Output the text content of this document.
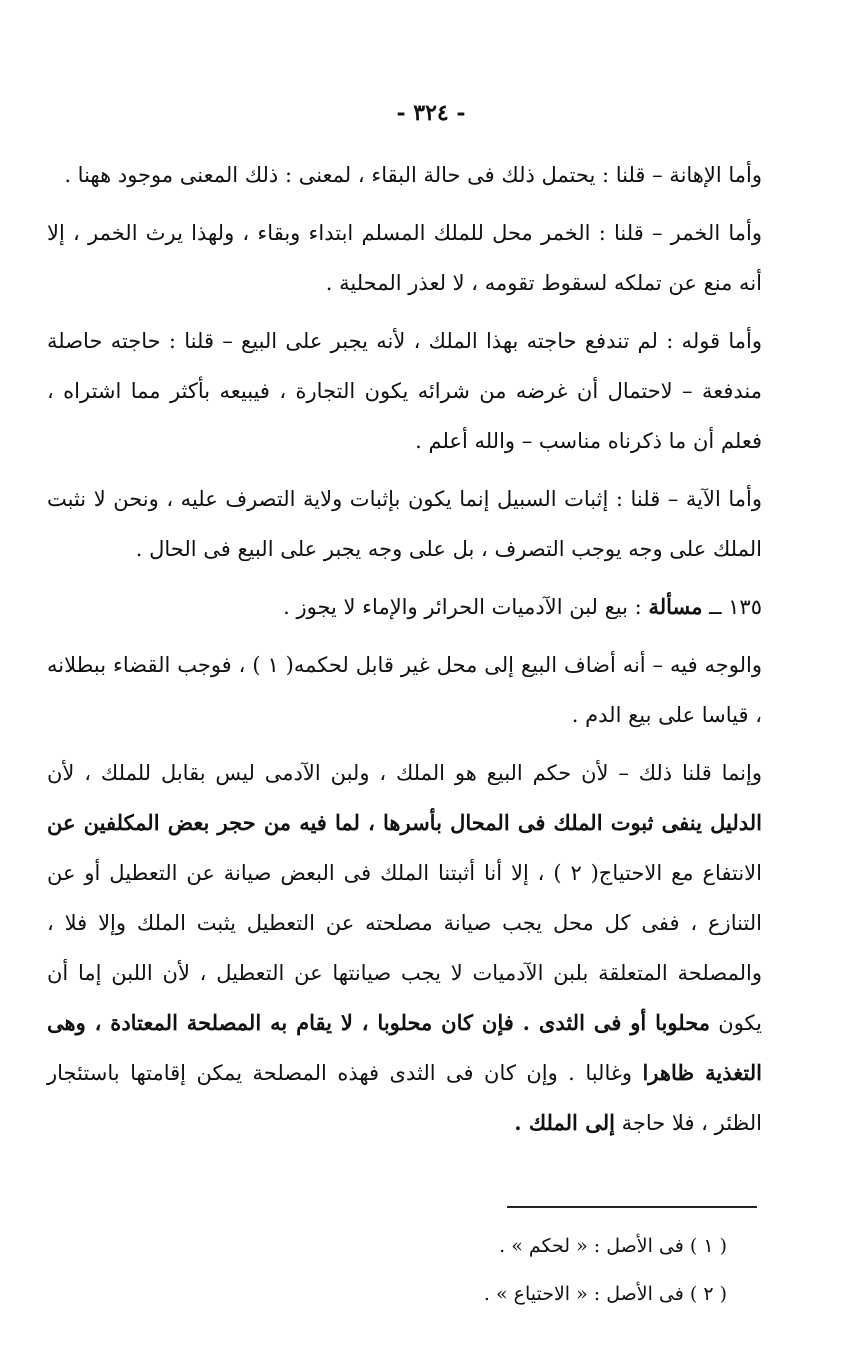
- ٣٢٤ -

وأما الإهانة – قلنا : يحتمل ذلك فى حالة البقاء ، لمعنى : ذلك المعنى موجود ههنا .

وأما الخمر – قلنا : الخمر محل للملك المسلم ابتداء وبقاء ، ولهذا يرث الخمر ، إلا أنه منع عن تملكه لسقوط تقومه ، لا لعذر المحلية .

وأما قوله : لم تندفع حاجته بهذا الملك ، لأنه يجبر على البيع – قلنا : حاجته حاصلة مندفعة – لاحتمال أن غرضه من شرائه يكون التجارة ، فيبيعه بأكثر مما اشتراه ، فعلم أن ما ذكرناه مناسب – والله أعلم .

وأما الآية – قلنا : إثبات السبيل إنما يكون بإثبات ولاية التصرف عليه ، ونحن لا نثبت الملك على وجه يوجب التصرف ، بل على وجه يجبر على البيع فى الحال .

١٣٥ ــ مسألة : بيع لبن الآدميات الحرائر والإماء لا يجوز .

والوجه فيه – أنه أضاف البيع إلى محل غير قابل لحكمه( ١ ) ، فوجب القضاء ببطلانه ، قياسا على بيع الدم .

وإنما قلنا ذلك – لأن حكم البيع هو الملك ، ولبن الآدمى ليس بقابل للملك ، لأن الدليل ينفى ثبوت الملك فى المحال بأسرها ، لما فيه من حجر بعض المكلفين عن الانتفاع مع الاحتياج( ٢ ) ، إلا أنا أثبتنا الملك فى البعض صيانة عن التعطيل أو عن التنازع ، ففى كل محل يجب صيانة مصلحته عن التعطيل يثبت الملك وإلا فلا ، والمصلحة المتعلقة بلبن الآدميات لا يجب صيانتها عن التعطيل ، لأن اللبن إما أن يكون محلوبا أو فى الثدى . فإن كان محلوبا ، لا يقام به المصلحة المعتادة ، وهى التغذية ظاهرا وغالبا . وإن كان فى الثدى فهذه المصلحة يمكن إقامتها باستئجار الظئر ، فلا حاجة إلى الملك .

( ١ ) فى الأصل : « لحكم » .

( ٢ ) فى الأصل : « الاحتياع » .
